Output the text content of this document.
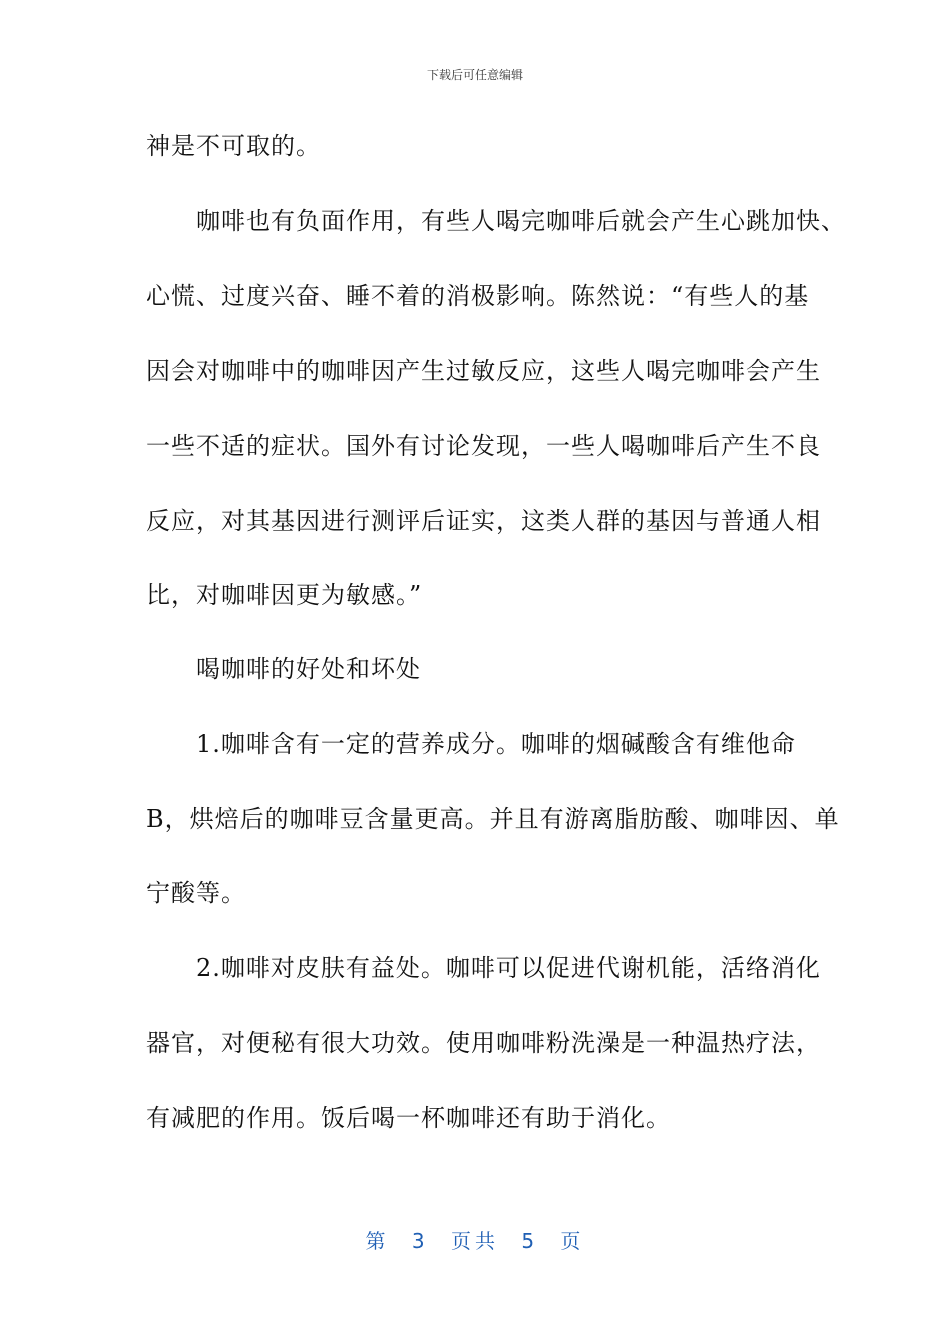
下载后可任意编辑
神是不可取的。
　　咖啡也有负面作用，有些人喝完咖啡后就会产生心跳加快、
心慌、过度兴奋、睡不着的消极影响。陈然说：“有些人的基
因会对咖啡中的咖啡因产生过敏反应，这些人喝完咖啡会产生
一些不适的症状。国外有讨论发现，一些人喝咖啡后产生不良
反应，对其基因进行测评后证实，这类人群的基因与普通人相
比，对咖啡因更为敏感。”
　　喝咖啡的好处和坏处
　　1.咖啡含有一定的营养成分。咖啡的烟碱酸含有维他命
B，烘焙后的咖啡豆含量更高。并且有游离脂肪酸、咖啡因、单
宁酸等。
　　2.咖啡对皮肤有益处。咖啡可以促进代谢机能，活络消化
器官，对便秘有很大功效。使用咖啡粉洗澡是一种温热疗法，
有减肥的作用。饭后喝一杯咖啡还有助于消化。
第 3 页共 5 页
